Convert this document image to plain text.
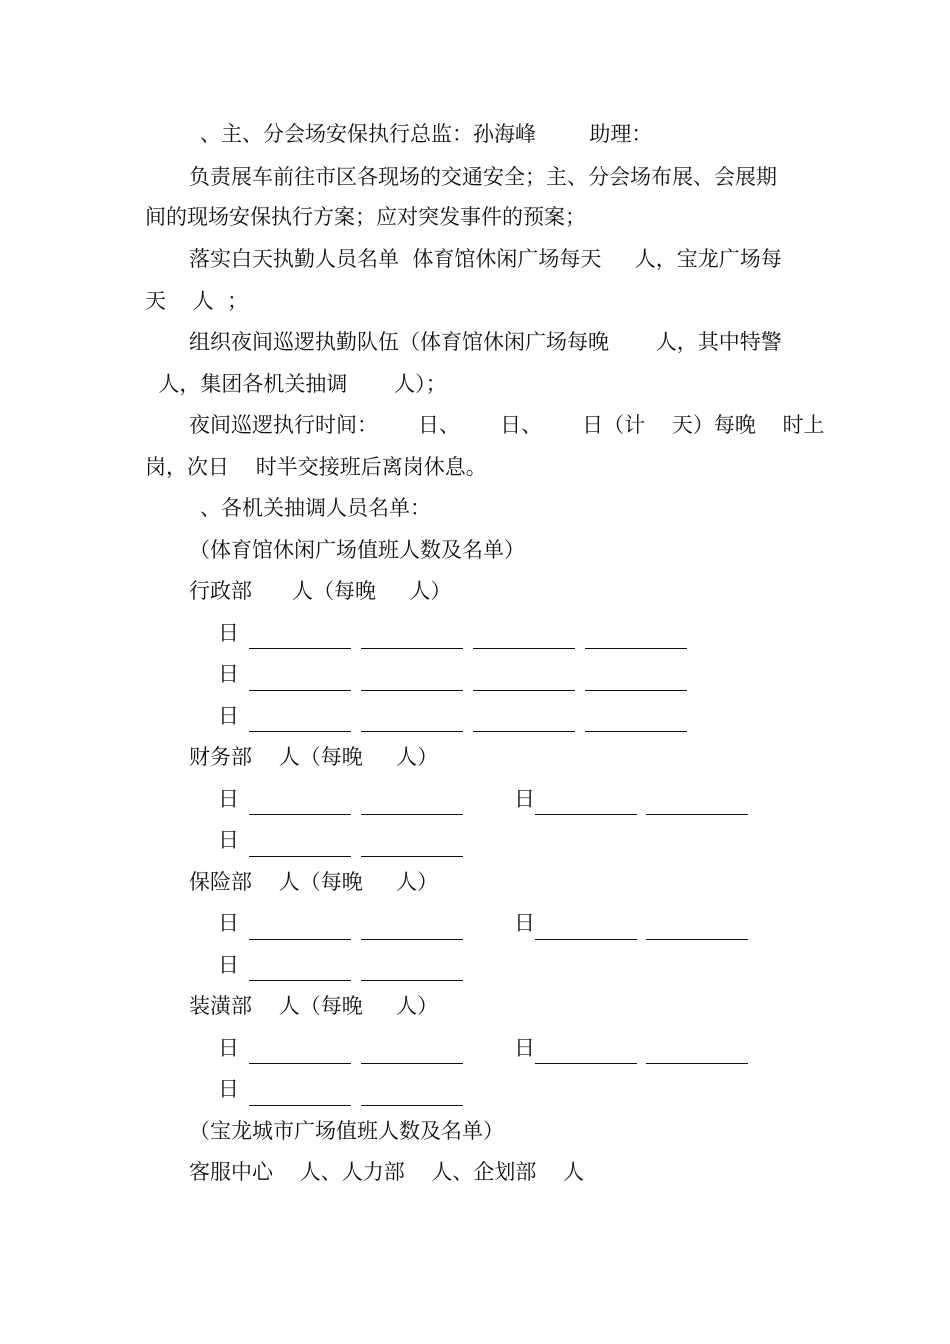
、主、分会场安保执行总监：孙海峰        助理：
负责展车前往市区各现场的交通安全；主、分会场布展、会展期
间的现场安保执行方案；应对突发事件的预案；
落实白天执勤人员名单  体育馆休闲广场每天     人，宝龙广场每
天    人  ；
组织夜间巡逻执勤队伍（体育馆休闲广场每晚       人，其中特警
人，集团各机关抽调       人）；
夜间巡逻执行时间：      日、      日、      日（计    天）每晚    时上
岗，次日    时半交接班后离岗休息。
、各机关抽调人员名单：
（体育馆休闲广场值班人数及名单）
行政部      人（每晚     人）
日
日
日
财务部    人（每晚     人）
日	日
日
保险部    人（每晚     人）
日	日
日
装潢部    人（每晚     人）
日	日
日
（宝龙城市广场值班人数及名单）
客服中心    人、人力部    人、企划部    人
